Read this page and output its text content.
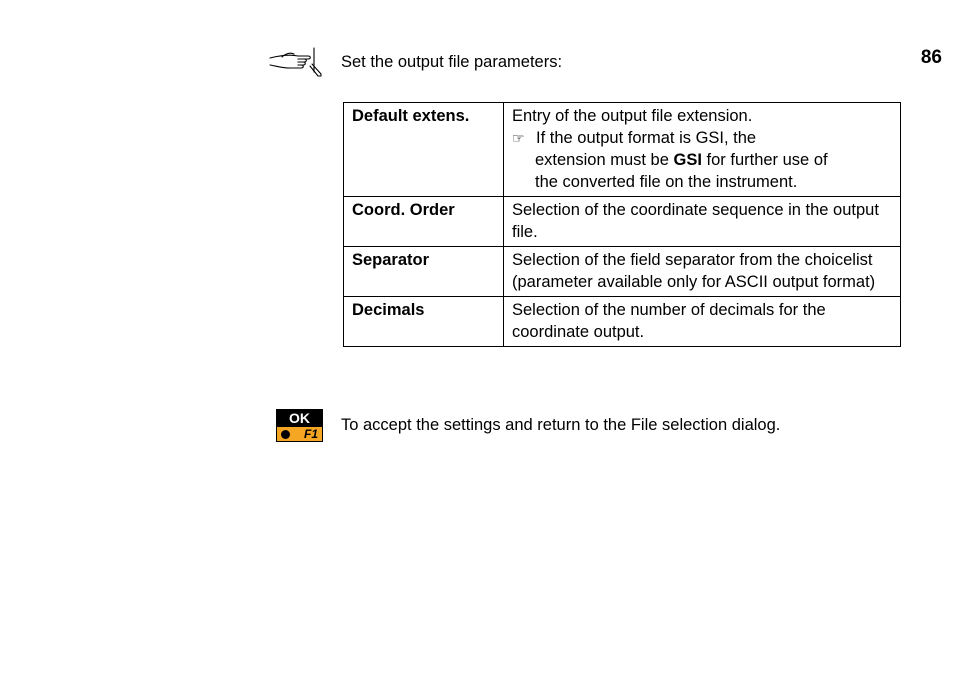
86
Set the output file parameters:
Default extens.	Entry of the output file extension.
☞ If the output format is GSI, the
extension must be GSI for further use of
the converted file on the instrument.

Coord. Order	Selection of the coordinate sequence in the output file.
Separator	Selection of the field separator from the choicelist (parameter available only for ASCII output format)
Decimals	Selection of the number of decimals for the coordinate output.
OK
F1 To accept the settings and return to the File selection dialog.
